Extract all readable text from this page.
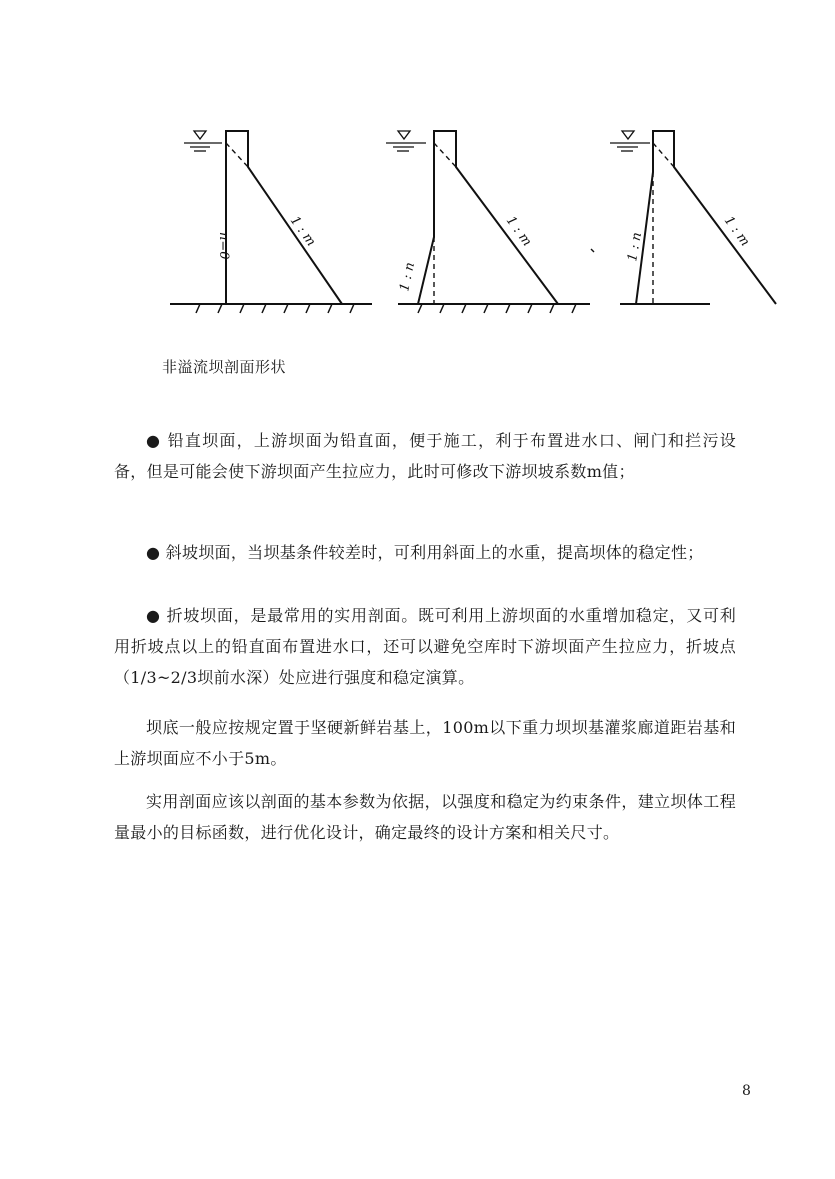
n=0	1 : m
1 : n
1 : m	1 : n	1 : m
非溢流坝剖面形状

● 铅直坝面，上游坝面为铅直面，便于施工，利于布置进水口、闸门和拦污设备，但是可能会使下游坝面产生拉应力，此时可修改下游坝坡系数m值；

● 斜坡坝面，当坝基条件较差时，可利用斜面上的水重，提高坝体的稳定性；

● 折坡坝面，是最常用的实用剖面。既可利用上游坝面的水重增加稳定，又可利用折坡点以上的铅直面布置进水口，还可以避免空库时下游坝面产生拉应力，折坡点（1/3~2/3坝前水深）处应进行强度和稳定演算。

坝底一般应按规定置于坚硬新鲜岩基上，100m以下重力坝坝基灌浆廊道距岩基和上游坝面应不小于5m。

实用剖面应该以剖面的基本参数为依据，以强度和稳定为约束条件，建立坝体工程量最小的目标函数，进行优化设计，确定最终的设计方案和相关尺寸。

8
